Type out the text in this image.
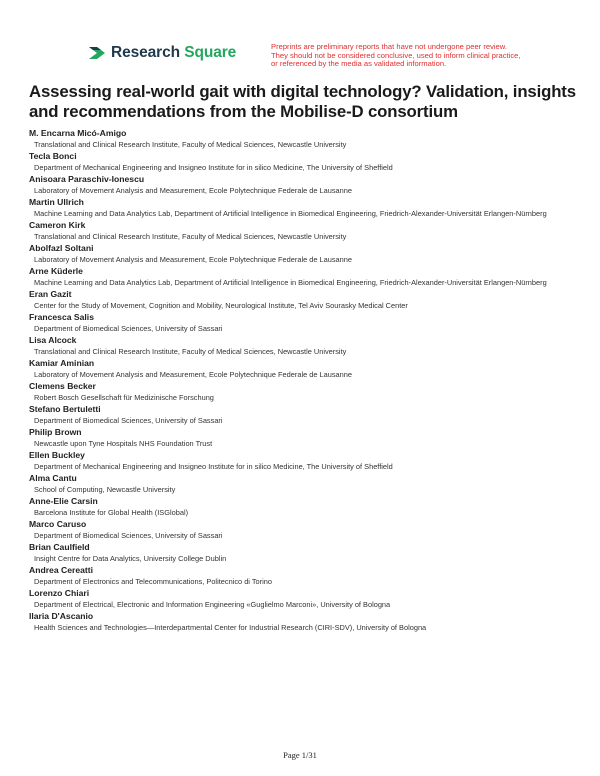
Research Square	Preprints are preliminary reports that have not undergone peer review.
They should not be considered conclusive, used to inform clinical practice,
or referenced by the media as validated information.
Assessing real-world gait with digital technology? Validation, insights and recommendations from the Mobilise-D consortium
M. Encarna Micó-Amigo
Translational and Clinical Research Institute, Faculty of Medical Sciences, Newcastle University
Tecla Bonci
Department of Mechanical Engineering and Insigneo Institute for in silico Medicine, The University of Sheffield
Anisoara Paraschiv-Ionescu
Laboratory of Movement Analysis and Measurement, Ecole Polytechnique Federale de Lausanne
Martin Ullrich
Machine Learning and Data Analytics Lab, Department of Artificial Intelligence in Biomedical Engineering, Friedrich-Alexander-Universität Erlangen-Nürnberg
Cameron Kirk
Translational and Clinical Research Institute, Faculty of Medical Sciences, Newcastle University
Abolfazl Soltani
Laboratory of Movement Analysis and Measurement, Ecole Polytechnique Federale de Lausanne
Arne Küderle
Machine Learning and Data Analytics Lab, Department of Artificial Intelligence in Biomedical Engineering, Friedrich-Alexander-Universität Erlangen-Nürnberg
Eran Gazit
Center for the Study of Movement, Cognition and Mobility, Neurological Institute, Tel Aviv Sourasky Medical Center
Francesca Salis
Department of Biomedical Sciences, University of Sassari
Lisa Alcock
Translational and Clinical Research Institute, Faculty of Medical Sciences, Newcastle University
Kamiar Aminian
Laboratory of Movement Analysis and Measurement, Ecole Polytechnique Federale de Lausanne
Clemens Becker
Robert Bosch Gesellschaft für Medizinische Forschung
Stefano Bertuletti
Department of Biomedical Sciences, University of Sassari
Philip Brown
Newcastle upon Tyne Hospitals NHS Foundation Trust
Ellen Buckley
Department of Mechanical Engineering and Insigneo Institute for in silico Medicine, The University of Sheffield
Alma Cantu
School of Computing, Newcastle University
Anne-Elie Carsin
Barcelona Institute for Global Health (ISGlobal)
Marco Caruso
Department of Biomedical Sciences, University of Sassari
Brian Caulfield
Insight Centre for Data Analytics, University College Dublin
Andrea Cereatti
Department of Electronics and Telecommunications, Politecnico di Torino
Lorenzo Chiari
Department of Electrical, Electronic and Information Engineering «Guglielmo Marconi», University of Bologna
Ilaria D'Ascanio
Health Sciences and Technologies—Interdepartmental Center for Industrial Research (CIRI-SDV), University of Bologna
Page 1/31
